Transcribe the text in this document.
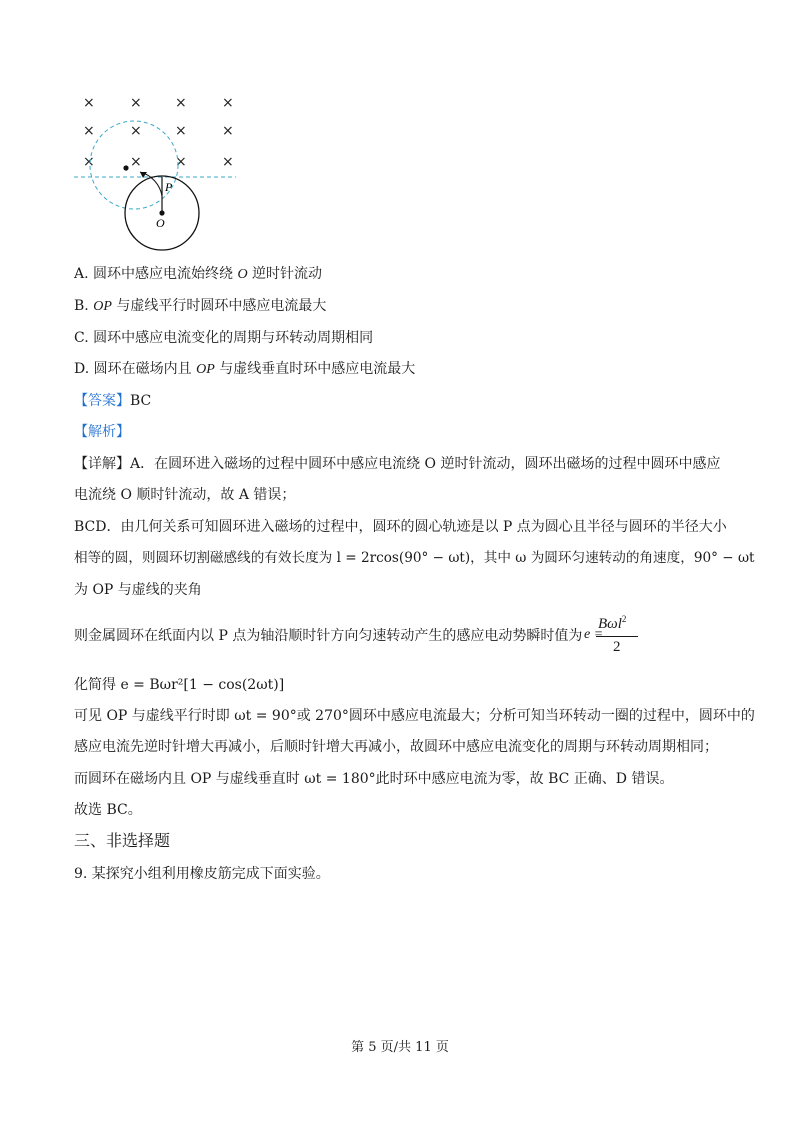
×	× ×	×
×	× ×	×
×	× ×	×
P
O
A. 圆环中感应电流始终绕 O 逆时针流动
B. OP 与虚线平行时圆环中感应电流最大
C. 圆环中感应电流变化的周期与环转动周期相同
D. 圆环在磁场内且 OP 与虚线垂直时环中感应电流最大
【答案】BC
【解析】
【详解】A．在圆环进入磁场的过程中圆环中感应电流绕 O 逆时针流动，圆环出磁场的过程中圆环中感应
电流绕 O 顺时针流动，故 A 错误；
BCD．由几何关系可知圆环进入磁场的过程中，圆环的圆心轨迹是以 P 点为圆心且半径与圆环的半径大小
相等的圆，则圆环切割磁感线的有效长度为 l = 2rcos(90° − ωt)，其中 ω 为圆环匀速转动的角速度，90° − ωt
为 OP 与虚线的夹角
则金属圆环在纸面内以 P 点为轴沿顺时针方向匀速转动产生的感应电动势瞬时值为 e =
Bωl$^2$
2
化简得 e = Bωr²[1 − cos(2ωt)]
可见 OP 与虚线平行时即 ωt = 90°或 270°圆环中感应电流最大；分析可知当环转动一圈的过程中，圆环中的
感应电流先逆时针增大再减小，后顺时针增大再减小，故圆环中感应电流变化的周期与环转动周期相同；
而圆环在磁场内且 OP 与虚线垂直时 ωt = 180°此时环中感应电流为零，故 BC 正确、D 错误。
故选 BC。
三、非选择题
9. 某探究小组利用橡皮筋完成下面实验。
第 5 页/共 11 页
